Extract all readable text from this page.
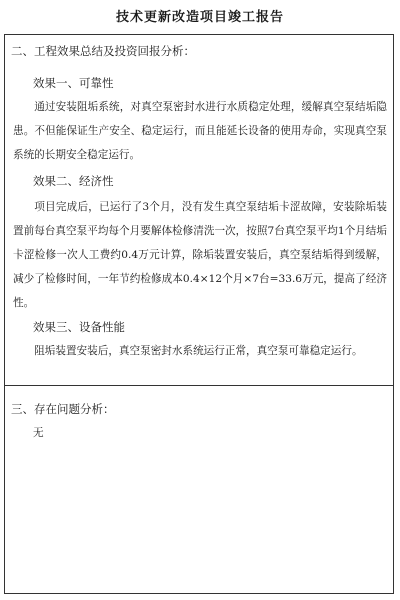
技术更新改造项目竣工报告
二、工程效果总结及投资回报分析：
效果一、可靠性

通过安装阻垢系统，对真空泵密封水进行水质稳定处理，缓解真空泵结垢隐患。不但能保证生产安全、稳定运行，而且能延长设备的使用寿命，实现真空泵系统的长期安全稳定运行。

效果二、经济性

项目完成后，已运行了3个月，没有发生真空泵结垢卡涩故障，安装除垢装置前每台真空泵平均每个月要解体检修清洗一次，按照7台真空泵平均1个月结垢卡涩检修一次人工费约0.4万元计算，除垢装置安装后，真空泵结垢得到缓解，减少了检修时间，一年节约检修成本0.4×12个月×7台=33.6万元，提高了经济性。

效果三、设备性能

阻垢装置安装后，真空泵密封水系统运行正常，真空泵可靠稳定运行。

三、存在问题分析：
无
